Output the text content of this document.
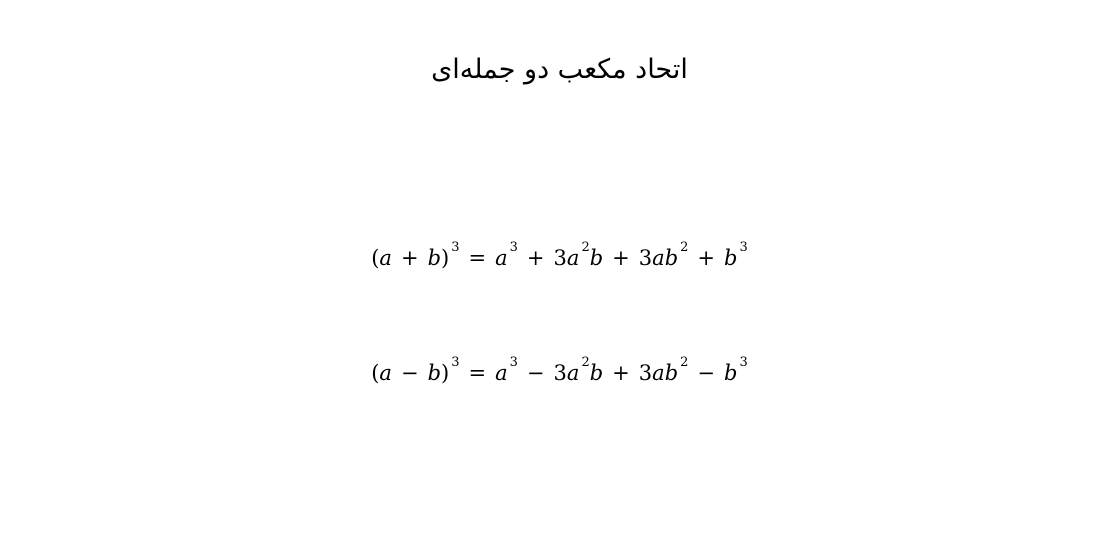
اتحاد مکعب دو جمله‌ای
(a + b) $^3$ = a $^3$ + 3a $^2$b + 3ab $^2$ + b $^3$
(a − b) $^3$ = a $^3$ − 3a $^2$b + 3ab $^2$ − b $^3$
